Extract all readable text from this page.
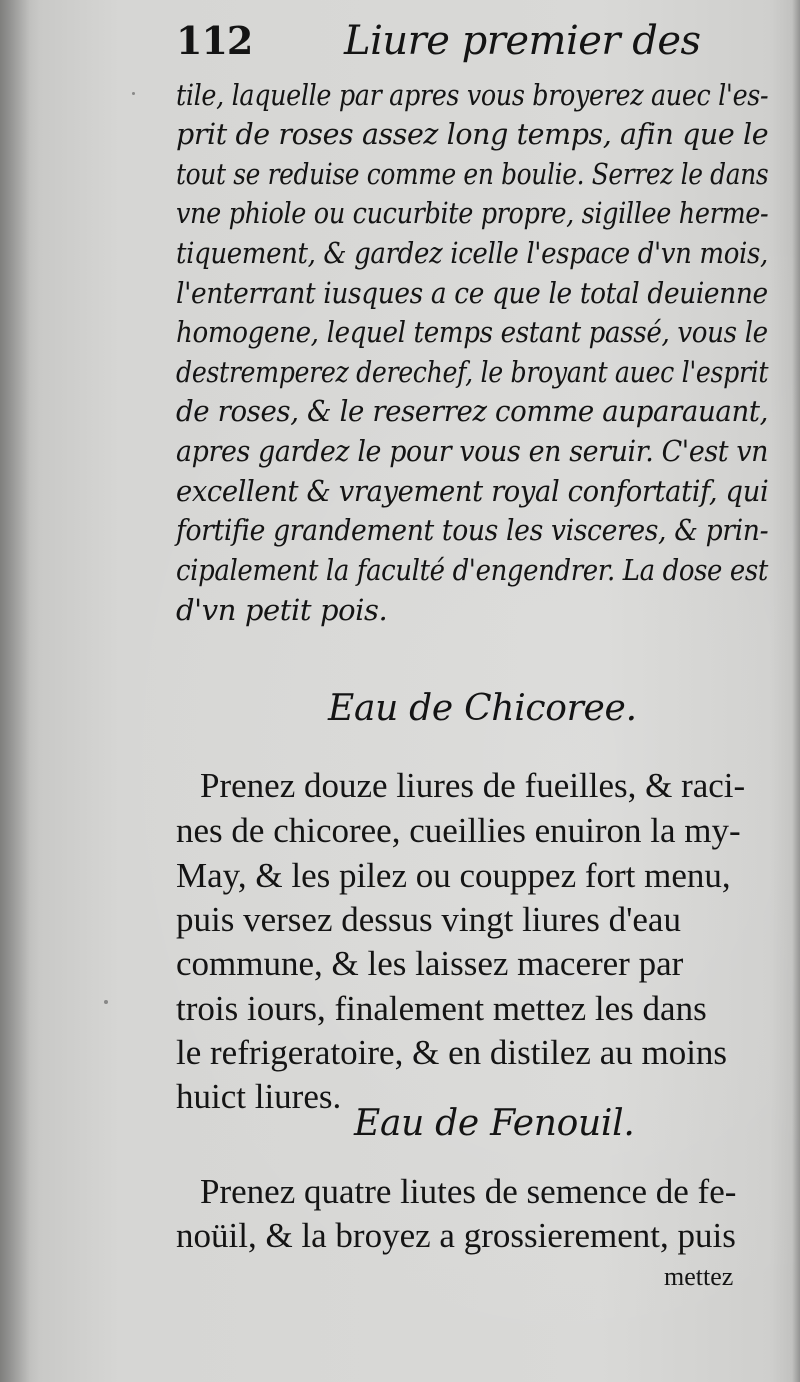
112 Liure premier des
tile, laquelle par apres vous broyerez auec l'es-
prit de roses assez long temps, afin que le
tout se reduise comme en boulie. Serrez le dans
vne phiole ou cucurbite propre, sigillee herme-
tiquement, & gardez icelle l'espace d'vn mois,
l'enterrant iusques a ce que le total deuienne
homogene, lequel temps estant passé, vous le
destremperez derechef, le broyant auec l'esprit
de roses, & le reserrez comme auparauant,
apres gardez le pour vous en seruir. C'est vn
excellent & vrayement royal confortatif, qui
fortifie grandement tous les visceres, & prin-
cipalement la faculté d'engendrer. La dose est
d'vn petit pois.
Eau de Chicoree.
Prenez douze liures de fueilles, & raci-
nes de chicoree, cueillies enuiron la my-
May, & les pilez ou couppez fort menu,
puis versez dessus vingt liures d'eau
commune, & les laissez macerer par
trois iours, finalement mettez les dans
le refrigeratoire, & en distilez au moins
huict liures.
Eau de Fenouil.
Prenez quatre liutes de semence de fe-
noüil, & la broyez a grossierement, puis
mettez
